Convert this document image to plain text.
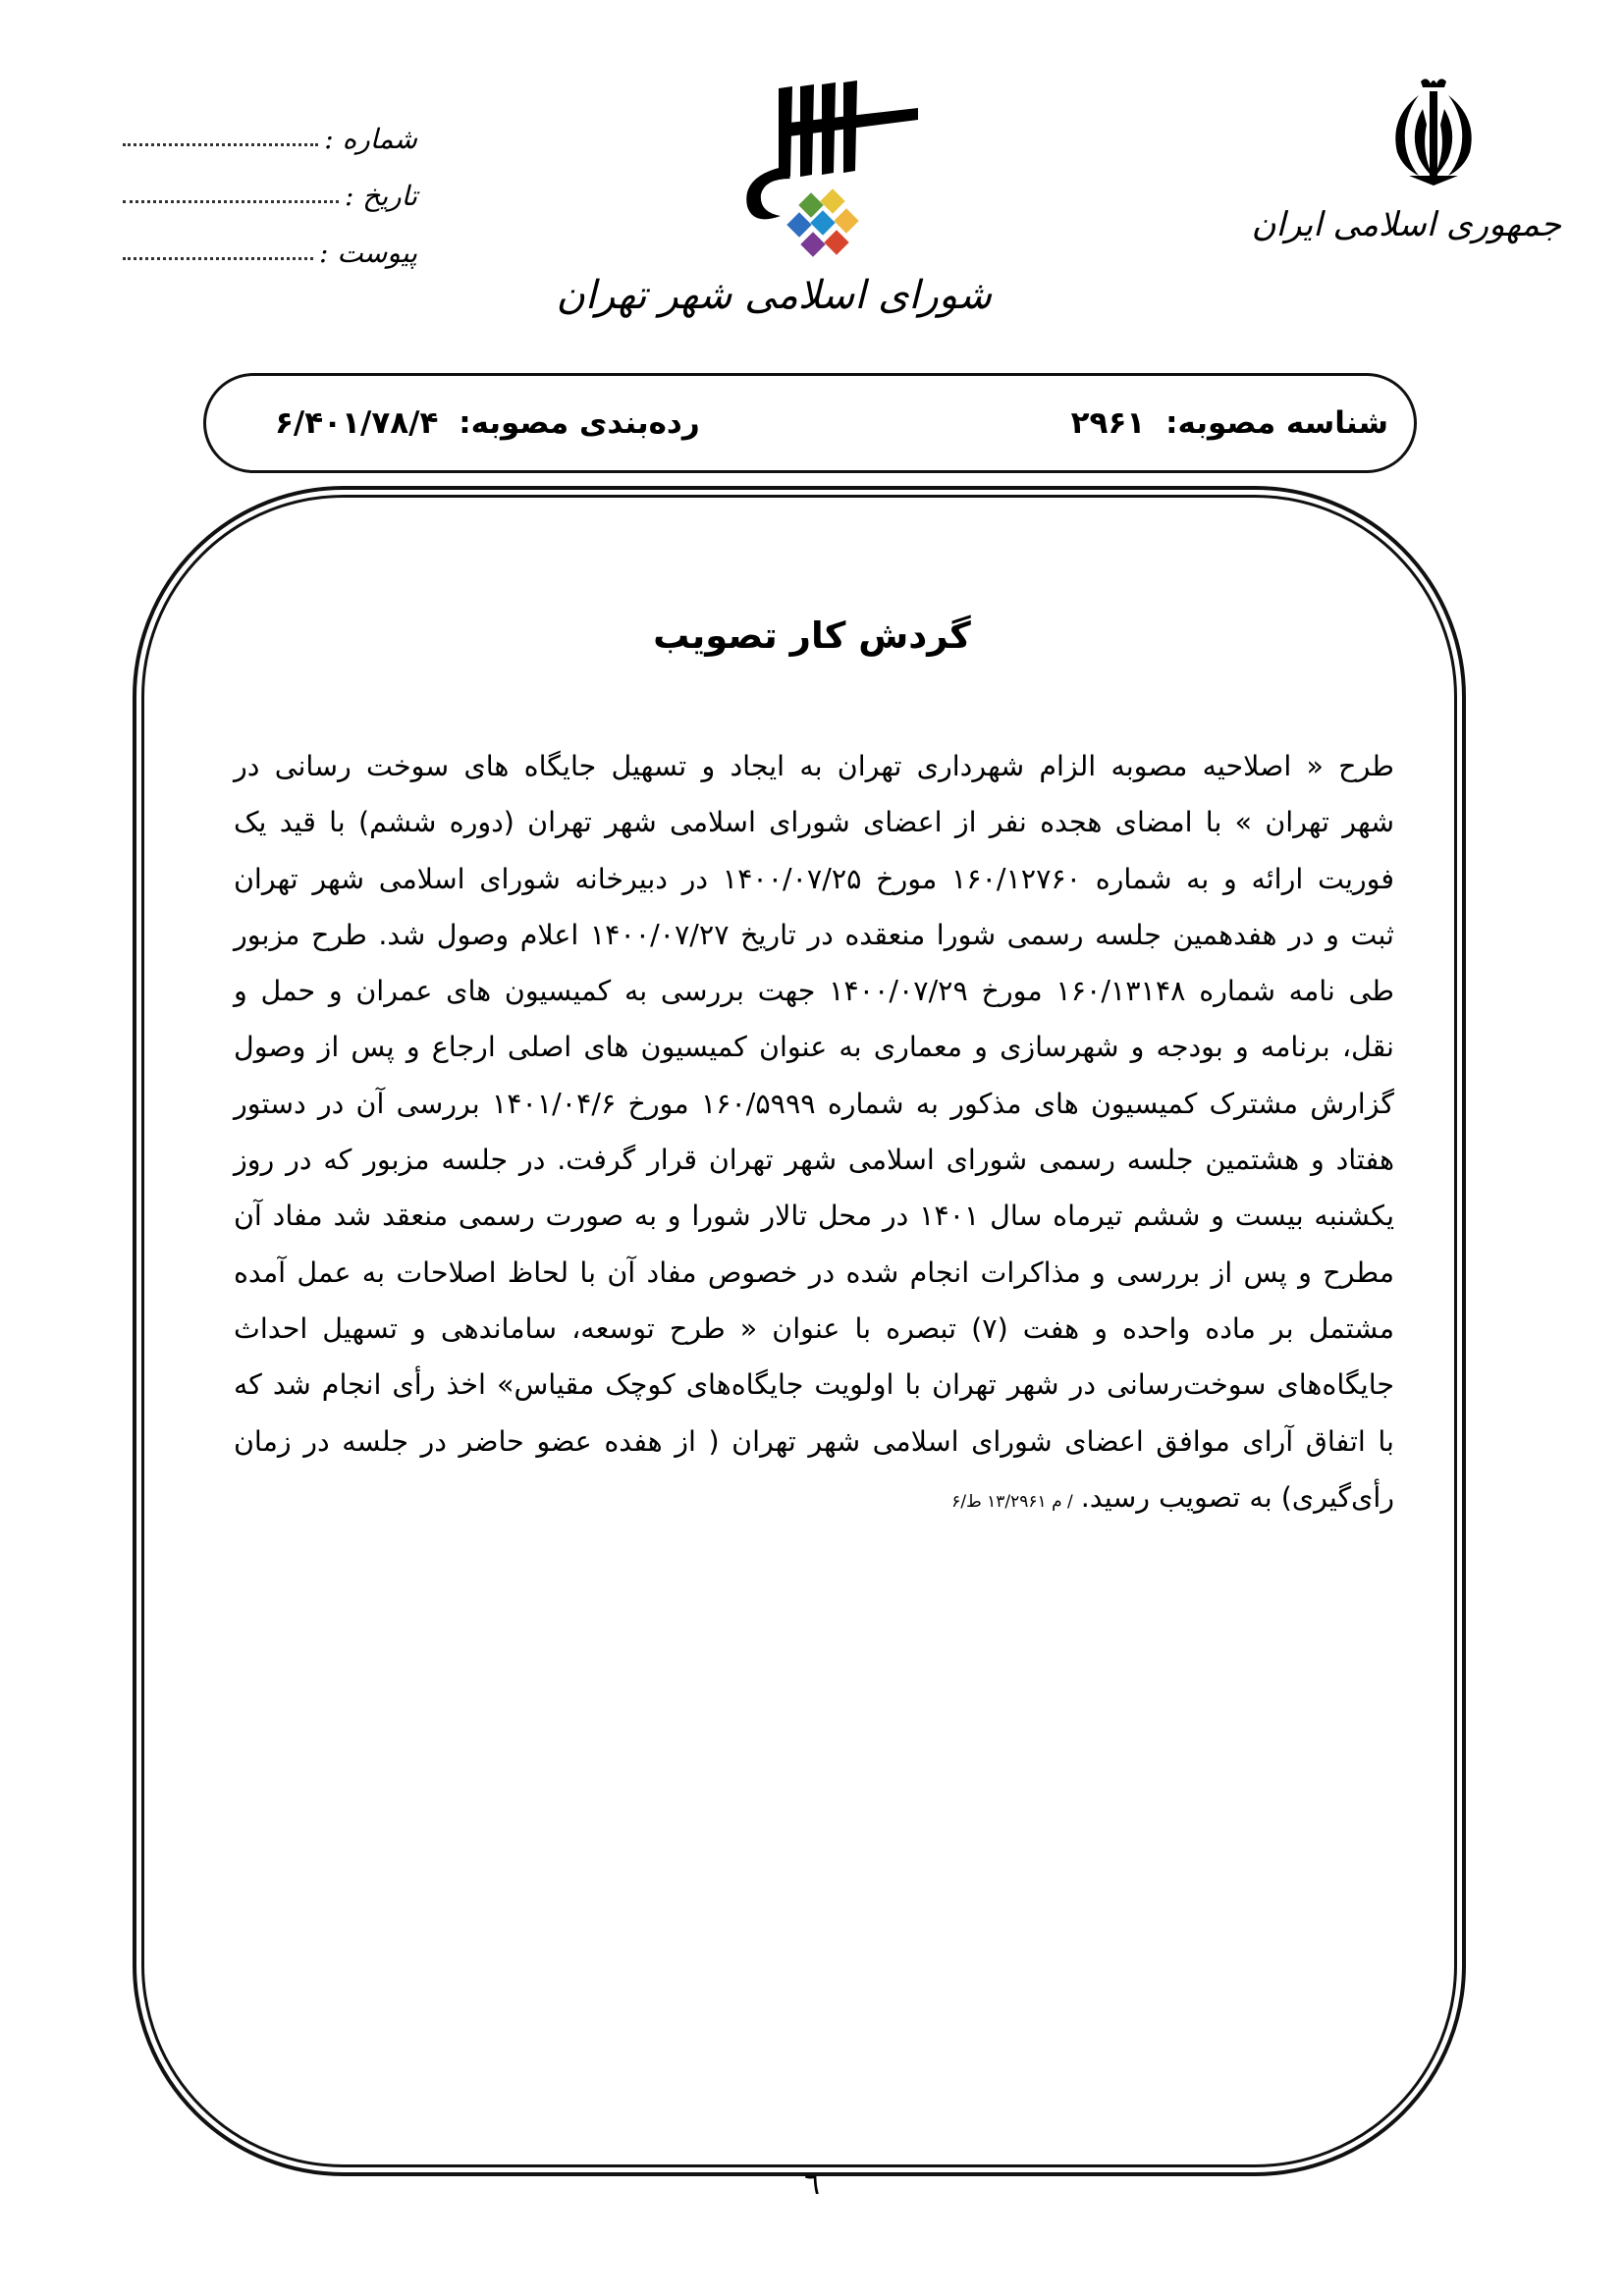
جمهوری اسلامی ایران
شورای اسلامی شهر تهران
شماره :
تاریخ :
پیوست :
شناسه مصوبه: ۲۹۶۱
رده‌بندی مصوبه: ۶/۴۰۱/۷۸/۴
گردش کار تصویب
طرح « اصلاحیه مصوبه الزام شهرداری تهران به ایجاد و تسهیل جایگاه های سوخت رسانی در
شهر تهران » با امضای هجده نفر از اعضای شورای اسلامی شهر تهران (دوره ششم) با قید یک
فوریت ارائه و به شماره ۱۶۰/۱۲۷۶۰ مورخ ۱۴۰۰/۰۷/۲۵ در دبیرخانه شورای اسلامی شهر تهران
ثبت و در هفدهمین جلسه رسمی شورا منعقده در تاریخ ۱۴۰۰/۰۷/۲۷ اعلام وصول شد. طرح مزبور
طی نامه شماره ۱۶۰/۱۳۱۴۸ مورخ ۱۴۰۰/۰۷/۲۹ جهت بررسی به کمیسیون های عمران و حمل و
نقل، برنامه و بودجه و شهرسازی و معماری به عنوان کمیسیون های اصلی ارجاع و پس از وصول
گزارش مشترک کمیسیون های مذکور به شماره ۱۶۰/۵۹۹۹ مورخ ۱۴۰۱/۰۴/۶ بررسی آن در دستور
هفتاد و هشتمین جلسه رسمی شورای اسلامی شهر تهران قرار گرفت. در جلسه مزبور که در روز
یکشنبه بیست و ششم تیرماه سال ۱۴۰۱ در محل تالار شورا و به صورت رسمی منعقد شد مفاد آن
مطرح و پس از بررسی و مذاکرات انجام شده در خصوص مفاد آن با لحاظ اصلاحات به عمل آمده
مشتمل بر ماده واحده و هفت (۷) تبصره با عنوان « طرح توسعه، ساماندهی و تسهیل احداث
جایگاه‌های سوخت‌رسانی در شهر تهران با اولویت جایگاه‌های کوچک مقیاس» اخذ رأی انجام شد که
با اتفاق آرای موافق اعضای شورای اسلامی شهر تهران ( از هفده عضو حاضر در جلسه در زمان
رأی‌گیری) به تصویب رسید./ م ۱۳/۲۹۶۱ ط/۶
٦
